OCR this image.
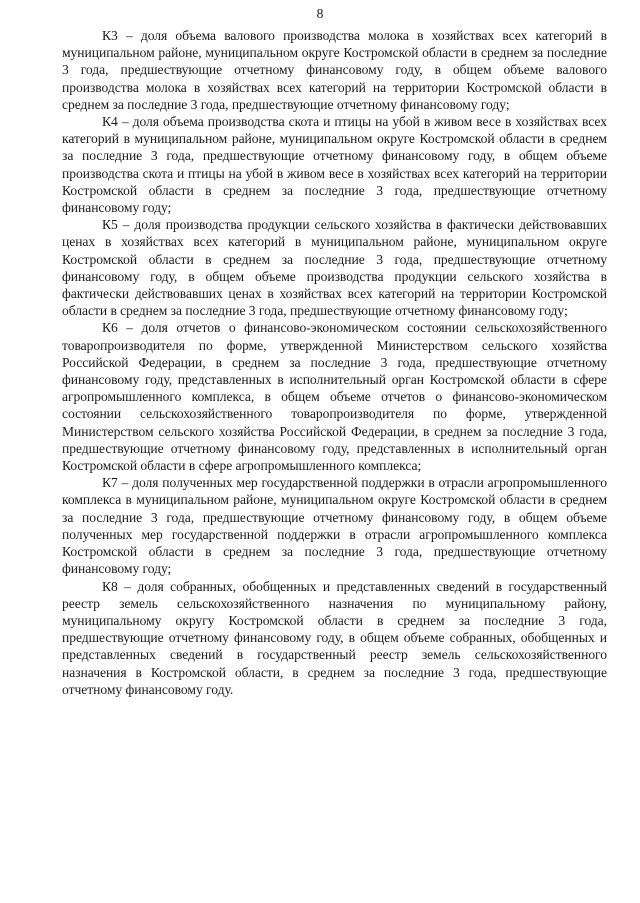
8

К3 – доля объема валового производства молока в хозяйствах всех категорий в муниципальном районе, муниципальном округе Костромской области в среднем за последние 3 года, предшествующие отчетному финансовому году, в общем объеме валового производства молока в хозяйствах всех категорий на территории Костромской области в среднем за последние 3 года, предшествующие отчетному финансовому году;

К4 – доля объема производства скота и птицы на убой в живом весе в хозяйствах всех категорий в муниципальном районе, муниципальном округе Костромской области в среднем за последние 3 года, предшествующие отчетному финансовому году, в общем объеме производства скота и птицы на убой в живом весе в хозяйствах всех категорий на территории Костромской области в среднем за последние 3 года, предшествующие отчетному финансовому году;

К5 – доля производства продукции сельского хозяйства в фактически действовавших ценах в хозяйствах всех категорий в муниципальном районе, муниципальном округе Костромской области в среднем за последние 3 года, предшествующие отчетному финансовому году, в общем объеме производства продукции сельского хозяйства в фактически действовавших ценах в хозяйствах всех категорий на территории Костромской области в среднем за последние 3 года, предшествующие отчетному финансовому году;

К6 – доля отчетов о финансово-экономическом состоянии сельскохозяйственного товаропроизводителя по форме, утвержденной Министерством сельского хозяйства Российской Федерации, в среднем за последние 3 года, предшествующие отчетному финансовому году, представленных в исполнительный орган Костромской области в сфере агропромышленного комплекса, в общем объеме отчетов о финансово-экономическом состоянии сельскохозяйственного товаропроизводителя по форме, утвержденной Министерством сельского хозяйства Российской Федерации, в среднем за последние 3 года, предшествующие отчетному финансовому году, представленных в исполнительный орган Костромской области в сфере агропромышленного комплекса;

К7 – доля полученных мер государственной поддержки в отрасли агропромышленного комплекса в муниципальном районе, муниципальном округе Костромской области в среднем за последние 3 года, предшествующие отчетному финансовому году, в общем объеме полученных мер государственной поддержки в отрасли агропромышленного комплекса Костромской области в среднем за последние 3 года, предшествующие отчетному финансовому году;

К8 – доля собранных, обобщенных и представленных сведений в государственный реестр земель сельскохозяйственного назначения по муниципальному району, муниципальному округу Костромской области в среднем за последние 3 года, предшествующие отчетному финансовому году, в общем объеме собранных, обобщенных и представленных сведений в государственный реестр земель сельскохозяйственного назначения в Костромской области, в среднем за последние 3 года, предшествующие отчетному финансовому году.
